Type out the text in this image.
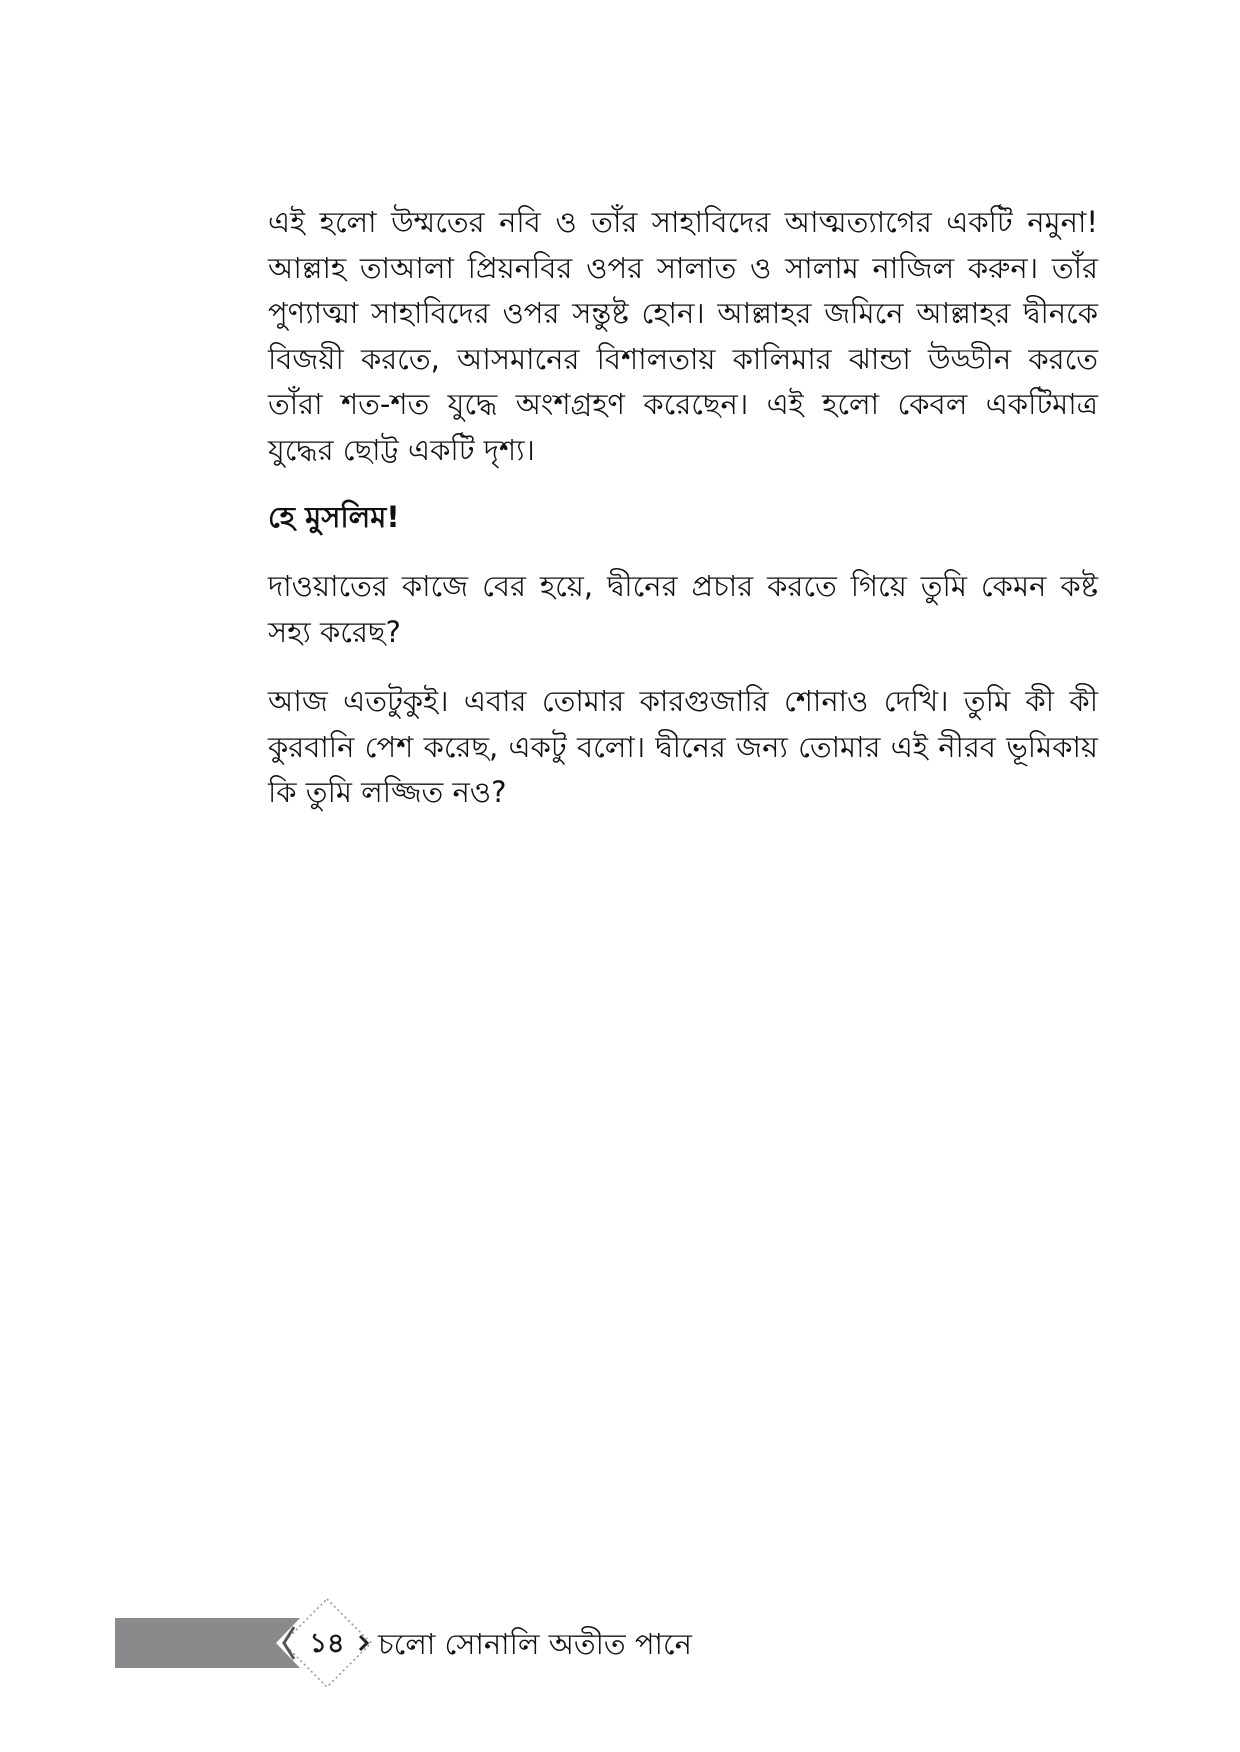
এই হলো উম্মতের নবি ও তাঁর সাহাবিদের আত্মত্যাগের একটি নমুনা! আল্লাহ তাআলা প্রিয়নবির ওপর সালাত ও সালাম নাজিল করুন। তাঁর পুণ্যাত্মা সাহাবিদের ওপর সন্তুষ্ট হোন। আল্লাহর জমিনে আল্লাহর দ্বীনকে বিজয়ী করতে, আসমানের বিশালতায় কালিমার ঝান্ডা উড্ডীন করতে তাঁরা শত-শত যুদ্ধে অংশগ্রহণ করেছেন। এই হলো কেবল একটিমাত্র যুদ্ধের ছোট্ট একটি দৃশ্য।

হে মুসলিম!

দাওয়াতের কাজে বের হয়ে, দ্বীনের প্রচার করতে গিয়ে তুমি কেমন কষ্ট সহ্য করেছ?

আজ এতটুকুই। এবার তোমার কারগুজারি শোনাও দেখি। তুমি কী কী কুরবানি পেশ করেছ, একটু বলো। দ্বীনের জন্য তোমার এই নীরব ভূমিকায় কি তুমি লজ্জিত নও?

১৪	চলো সোনালি অতীত পানে
